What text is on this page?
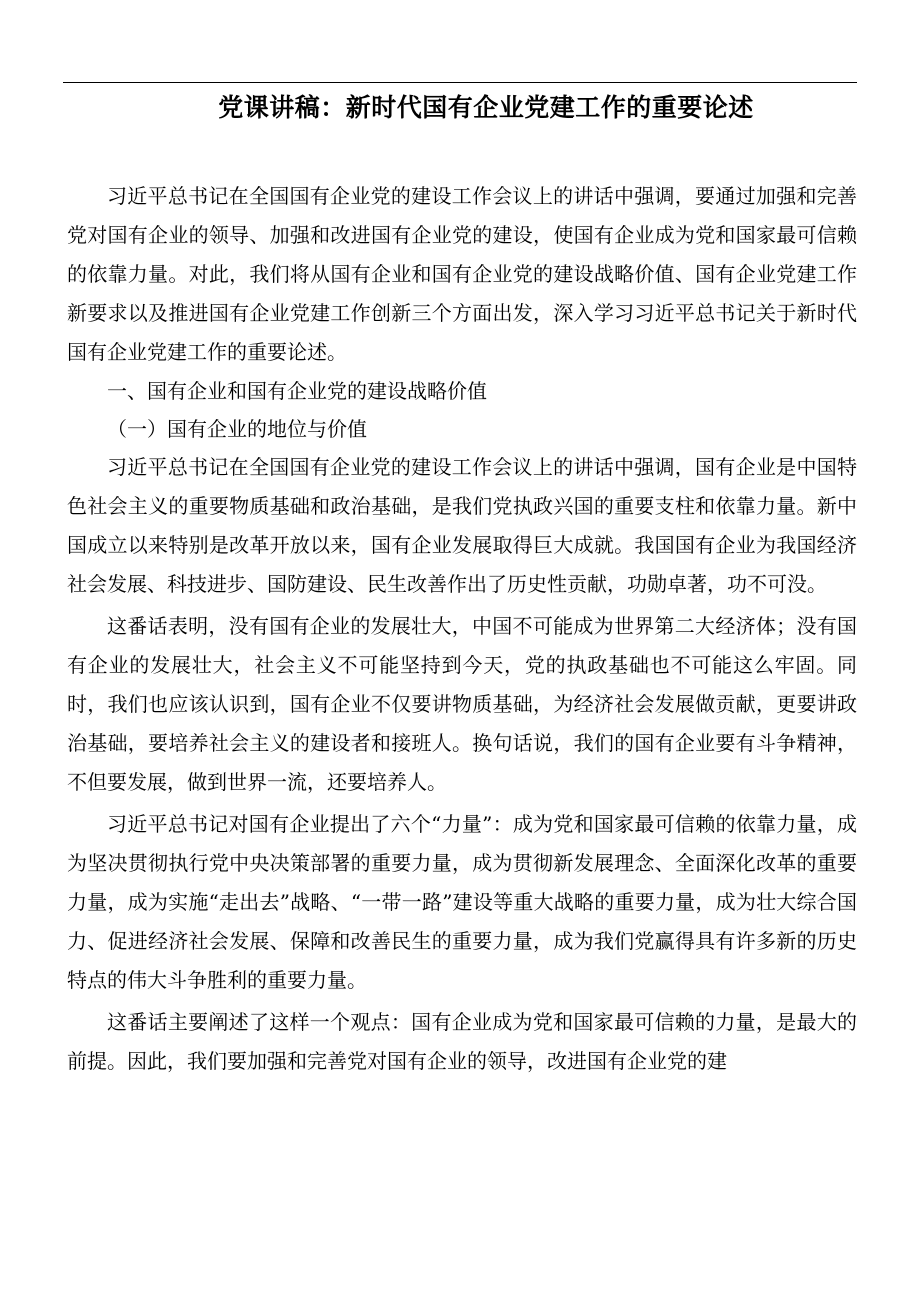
党课讲稿：新时代国有企业党建工作的重要论述

习近平总书记在全国国有企业党的建设工作会议上的讲话中强调，要通过加强和完善党对国有企业的领导、加强和改进国有企业党的建设，使国有企业成为党和国家最可信赖的依靠力量。对此，我们将从国有企业和国有企业党的建设战略价值、国有企业党建工作新要求以及推进国有企业党建工作创新三个方面出发，深入学习习近平总书记关于新时代国有企业党建工作的重要论述。

一、国有企业和国有企业党的建设战略价值

（一）国有企业的地位与价值

习近平总书记在全国国有企业党的建设工作会议上的讲话中强调，国有企业是中国特色社会主义的重要物质基础和政治基础，是我们党执政兴国的重要支柱和依靠力量。新中国成立以来特别是改革开放以来，国有企业发展取得巨大成就。我国国有企业为我国经济社会发展、科技进步、国防建设、民生改善作出了历史性贡献，功勋卓著，功不可没。

这番话表明，没有国有企业的发展壮大，中国不可能成为世界第二大经济体；没有国有企业的发展壮大，社会主义不可能坚持到今天，党的执政基础也不可能这么牢固。同时，我们也应该认识到，国有企业不仅要讲物质基础，为经济社会发展做贡献，更要讲政治基础，要培养社会主义的建设者和接班人。换句话说，我们的国有企业要有斗争精神，不但要发展，做到世界一流，还要培养人。

习近平总书记对国有企业提出了六个“力量”：成为党和国家最可信赖的依靠力量，成为坚决贯彻执行党中央决策部署的重要力量，成为贯彻新发展理念、全面深化改革的重要力量，成为实施“走出去”战略、“一带一路”建设等重大战略的重要力量，成为壮大综合国力、促进经济社会发展、保障和改善民生的重要力量，成为我们党赢得具有许多新的历史特点的伟大斗争胜利的重要力量。

这番话主要阐述了这样一个观点：国有企业成为党和国家最可信赖的力量，是最大的前提。因此，我们要加强和完善党对国有企业的领导，改进国有企业党的建
